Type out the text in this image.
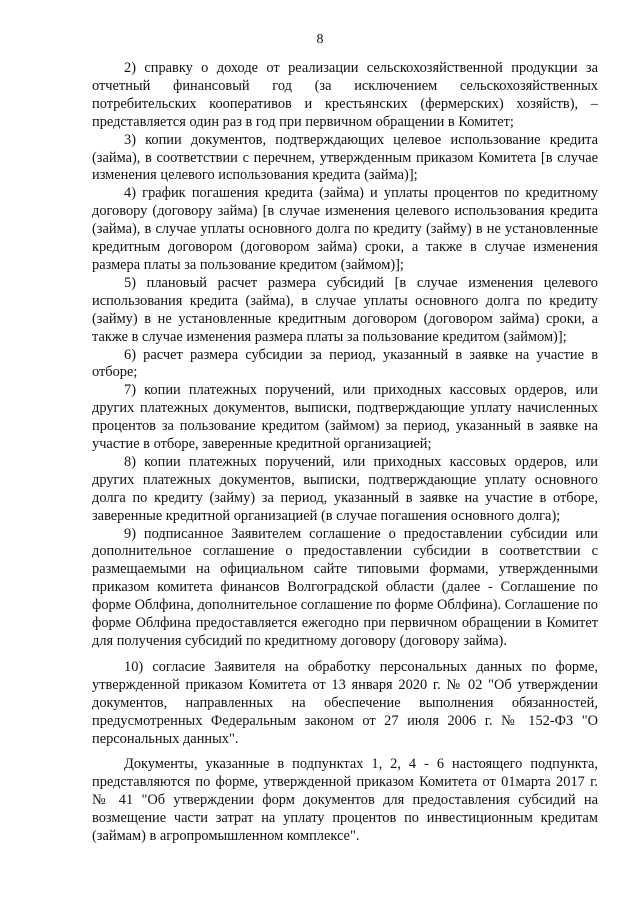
8

2) справку о доходе от реализации сельскохозяйственной продукции за отчетный финансовый год (за исключением сельскохозяйственных потребительских кооперативов и крестьянских (фермерских) хозяйств), – представляется один раз в год при первичном обращении в Комитет;

3) копии документов, подтверждающих целевое использование кредита (займа), в соответствии с перечнем, утвержденным приказом Комитета [в случае изменения целевого использования кредита (займа)];

4) график погашения кредита (займа) и уплаты процентов по кредитному договору (договору займа) [в случае изменения целевого использования кредита (займа), в случае уплаты основного долга по кредиту (займу) в не установленные кредитным договором (договором займа) сроки, а также в случае изменения размера платы за пользование кредитом (займом)];

5) плановый расчет размера субсидий [в случае изменения целевого использования кредита (займа), в случае уплаты основного долга по кредиту (займу) в не установленные кредитным договором (договором займа) сроки, а также в случае изменения размера платы за пользование кредитом (займом)];

6) расчет размера субсидии за период, указанный в заявке на участие в отборе;

7) копии платежных поручений, или приходных кассовых ордеров, или других платежных документов, выписки, подтверждающие уплату начисленных процентов за пользование кредитом (займом) за период, указанный в заявке на участие в отборе, заверенные кредитной организацией;

8) копии платежных поручений, или приходных кассовых ордеров, или других платежных документов, выписки, подтверждающие уплату основного долга по кредиту (займу) за период, указанный в заявке на участие в отборе, заверенные кредитной организацией (в случае погашения основного долга);

9) подписанное Заявителем соглашение о предоставлении субсидии или дополнительное соглашение о предоставлении субсидии в соответствии с размещаемыми на официальном сайте типовыми формами, утвержденными приказом комитета финансов Волгоградской области (далее - Соглашение по форме Облфина, дополнительное соглашение по форме Облфина). Соглашение по форме Облфина предоставляется ежегодно при первичном обращении в Комитет для получения субсидий по кредитному договору (договору займа).

10) согласие Заявителя на обработку персональных данных по форме, утвержденной приказом Комитета от 13 января 2020 г. № 02 "Об утверждении документов, направленных на обеспечение выполнения обязанностей, предусмотренных Федеральным законом от 27 июля 2006 г. № 152-ФЗ "О персональных данных".

Документы, указанные в подпунктах 1, 2, 4 - 6 настоящего подпункта, представляются по форме, утвержденной приказом Комитета от 01марта 2017 г. № 41 "Об утверждении форм документов для предоставления субсидий на возмещение части затрат на уплату процентов по инвестиционным кредитам (займам) в агропромышленном комплексе".
